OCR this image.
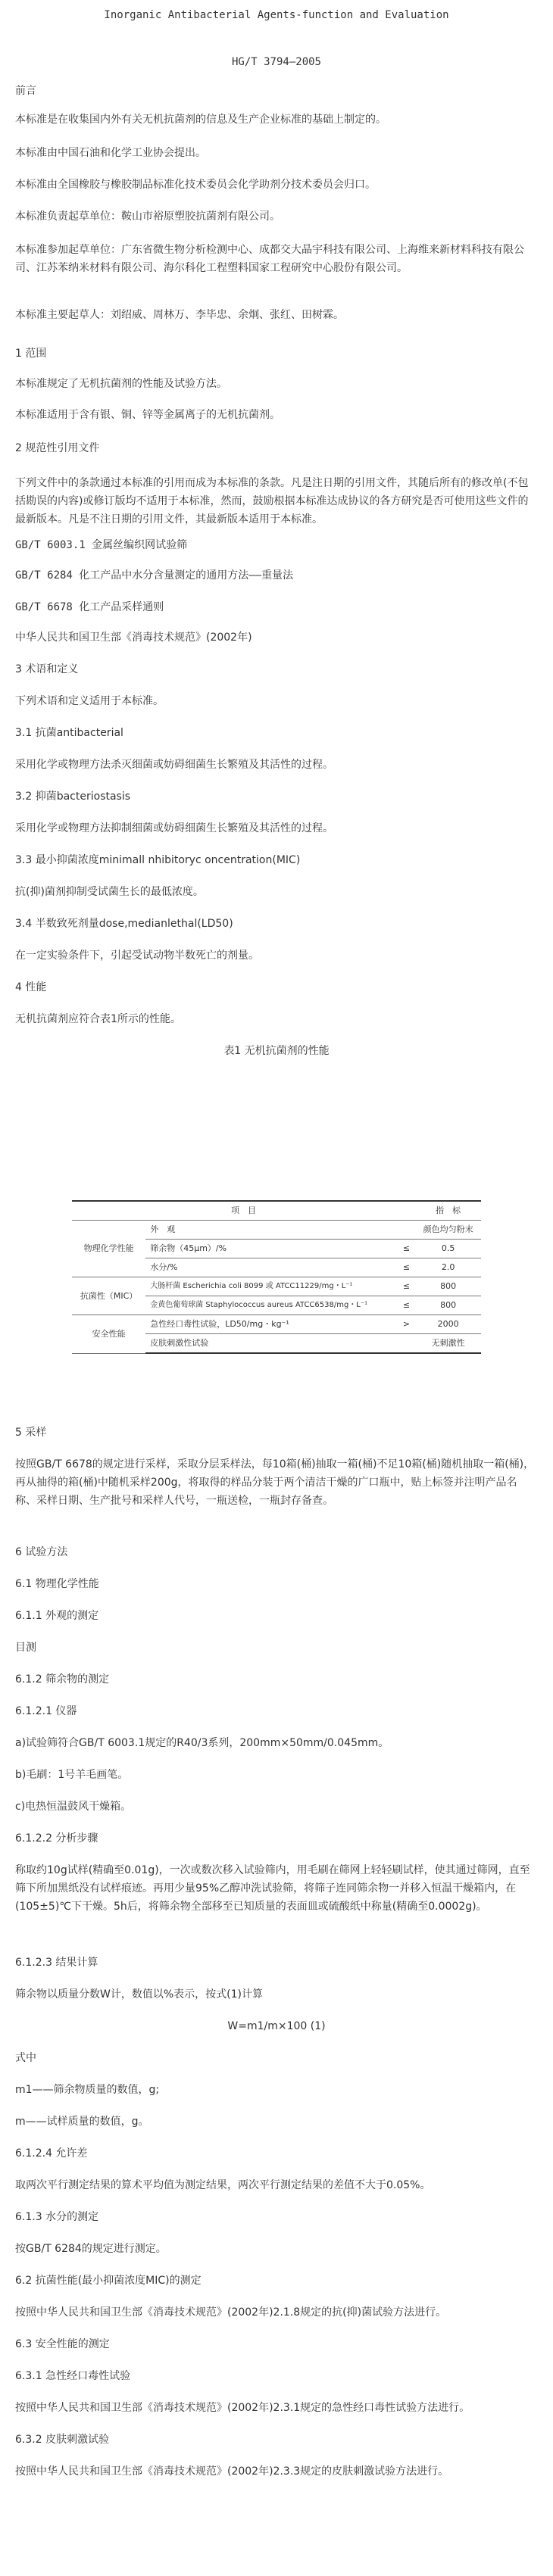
Inorganic Antibacterial Agents-function and Evaluation
HG/T 3794—2005
前言
本标准是在收集国内外有关无机抗菌剂的信息及生产企业标准的基础上制定的。
本标准由中国石油和化学工业协会提出。
本标准由全国橡胶与橡胶制品标准化技术委员会化学助剂分技术委员会归口。
本标准负责起草单位：鞍山市裕原塑胶抗菌剂有限公司。
本标准参加起草单位：广东省微生物分析检测中心、成都交大晶宇科技有限公司、上海维来新材料科技有限公司、江苏苯纳米材料有限公司、海尔科化工程塑料国家工程研究中心股份有限公司。
本标准主要起草人：刘绍威、周林万、李毕忠、余炯、张红、田树霖。
1 范围
本标准规定了无机抗菌剂的性能及试验方法。
本标准适用于含有银、铜、锌等金属离子的无机抗菌剂。
2 规范性引用文件
下列文件中的条款通过本标准的引用而成为本标准的条款。凡是注日期的引用文件，其随后所有的修改单(不包括勘误的内容)或修订版均不适用于本标准，然而，鼓励根据本标准达成协议的各方研究是否可使用这些文件的最新版本。凡是不注日期的引用文件，其最新版本适用于本标准。
GB/T 6003.1 金属丝编织网试验筛
GB/T 6284 化工产品中水分含量测定的通用方法——重量法
GB/T 6678 化工产品采样通则
中华人民共和国卫生部《消毒技术规范》(2002年)
3 术语和定义
下列术语和定义适用于本标准。
3.1 抗菌antibacterial
采用化学或物理方法杀灭细菌或妨碍细菌生长繁殖及其活性的过程。
3.2 抑菌bacteriostasis
采用化学或物理方法抑制细菌或妨碍细菌生长繁殖及其活性的过程。
3.3 最小抑菌浓度minimall nhibitoryc oncentration(MIC)
抗(抑)菌剂抑制受试菌生长的最低浓度。
3.4 半数致死剂量dose,medianlethal(LD50)
在一定实验条件下，引起受试动物半数死亡的剂量。
4 性能
无机抗菌剂应符合表1所示的性能。
表1 无机抗菌剂的性能
项　目			指　标
物理化学性能	外　观		颜色均匀粉末
	筛余物（45μm）/%	≤	0.5
	水分/%	≤	2.0
抗菌性（MIC）	大肠杆菌 Escherichia coli 8099 或 ATCC11229/mg・L⁻¹	≤	800
	金黄色葡萄球菌 Staphylococcus aureus ATCC6538/mg・L⁻¹	≤	800
安全性能	急性经口毒性试验，LD50/mg・kg⁻¹	>	2000
	皮肤刺激性试验		无刺激性
5 采样
按照GB/T 6678的规定进行采样，采取分层采样法，每10箱(桶)抽取一箱(桶)不足10箱(桶)随机抽取一箱(桶)，再从抽得的箱(桶)中随机采样200g，将取得的样品分装于两个清洁干燥的广口瓶中，贴上标签并注明产品名称、采样日期、生产批号和采样人代号，一瓶送检，一瓶封存备查。
6 试验方法
6.1 物理化学性能
6.1.1 外观的测定
目测
6.1.2 筛余物的测定
6.1.2.1 仪器
a)试验筛符合GB/T 6003.1规定的R40/3系列，200mm×50mm/0.045mm。
b)毛刷：1号羊毛画笔。
c)电热恒温鼓风干燥箱。
6.1.2.2 分析步骤
称取约10g试样(精确至0.01g)，一次或数次移入试验筛内，用毛刷在筛网上轻轻刷试样，使其通过筛网，直至筛下所加黑纸没有试样痕迹。再用少量95%乙醇冲洗试验筛，将筛子连同筛余物一并移入恒温干燥箱内，在(105±5)℃下干燥。5h后，将筛余物全部移至已知质量的表面皿或硫酸纸中称量(精确至0.0002g)。
6.1.2.3 结果计算
筛余物以质量分数W计，数值以%表示，按式(1)计算
W=m1/m×100 (1)
式中
m1——筛余物质量的数值，g;
m——试样质量的数值，g。
6.1.2.4 允许差
取两次平行测定结果的算术平均值为测定结果，两次平行测定结果的差值不大于0.05%。
6.1.3 水分的测定
按GB/T 6284的规定进行测定。
6.2 抗菌性能(最小抑菌浓度MIC)的测定
按照中华人民共和国卫生部《消毒技术规范》(2002年)2.1.8规定的抗(抑)菌试验方法进行。
6.3 安全性能的测定
6.3.1 急性经口毒性试验
按照中华人民共和国卫生部《消毒技术规范》(2002年)2.3.1规定的急性经口毒性试验方法进行。
6.3.2 皮肤刺激试验
按照中华人民共和国卫生部《消毒技术规范》(2002年)2.3.3规定的皮肤刺激试验方法进行。
